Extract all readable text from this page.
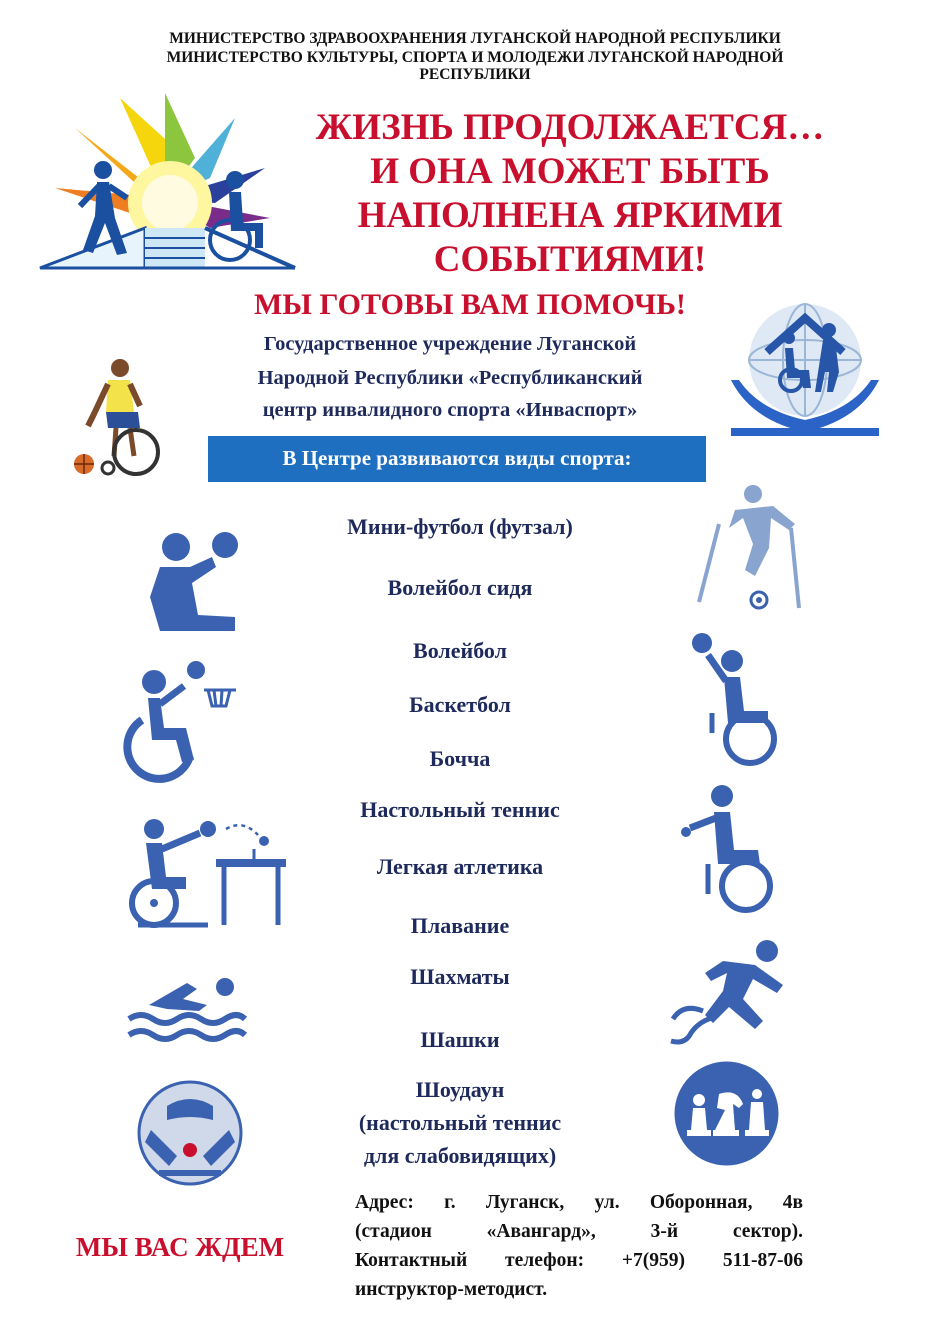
МИНИСТЕРСТВО ЗДРАВООХРАНЕНИЯ ЛУГАНСКОЙ НАРОДНОЙ РЕСПУБЛИКИ
МИНИСТЕРСТВО КУЛЬТУРЫ, СПОРТА И МОЛОДЕЖИ ЛУГАНСКОЙ НАРОДНОЙ
РЕСПУБЛИКИ
ЖИЗНЬ ПРОДОЛЖАЕТСЯ…
И ОНА МОЖЕТ БЫТЬ
НАПОЛНЕНА ЯРКИМИ
СОБЫТИЯМИ!
МЫ ГОТОВЫ ВАМ ПОМОЧЬ!
Государственное учреждение Луганской
Народной Республики «Республиканский
центр инвалидного спорта «Инваспорт»
В Центре развиваются виды спорта:
Мини-футбол (футзал)
Волейбол сидя
Волейбол
Баскетбол
Бочча
Настольный теннис
Легкая атлетика
Плавание
Шахматы
Шашки
Шоудаун
(настольный теннис
для слабовидящих)
МЫ ВАС ЖДЕМ
Адрес: г. Луганск, ул. Оборонная, 4в
(стадион «Авангард», 3-й сектор).
Контактный телефон: +7(959) 511-87-06
инструктор-методист.
